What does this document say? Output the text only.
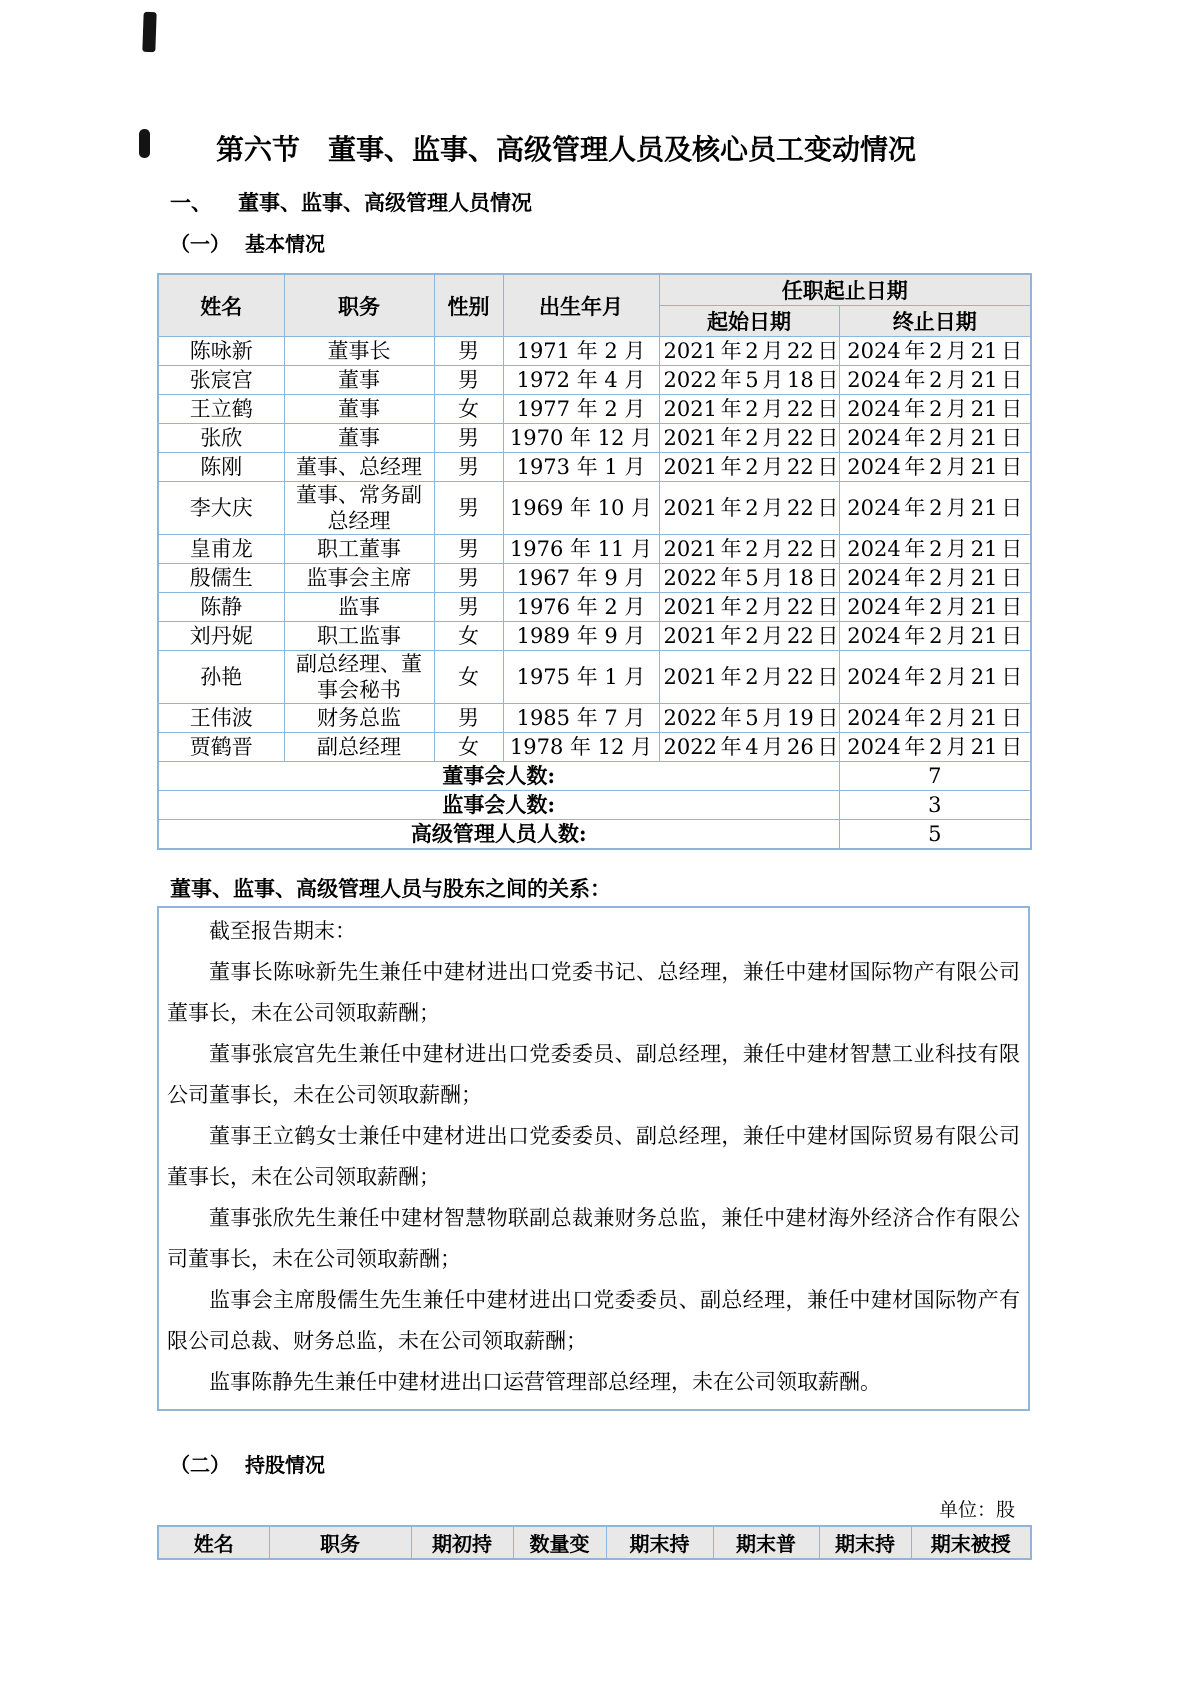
第六节　董事、监事、高级管理人员及核心员工变动情况
一、 董事、监事、高级管理人员情况
（一） 基本情况
姓名	职务	性别	出生年月	任职起止日期	
				起始日期	终止日期
陈咏新	董事长	男	1971 年 2 月	2021 年 2 月 22 日	2024 年 2 月 21 日
张宸宫	董事	男	1972 年 4 月	2022 年 5 月 18 日	2024 年 2 月 21 日
王立鹤	董事	女	1977 年 2 月	2021 年 2 月 22 日	2024 年 2 月 21 日
张欣	董事	男	1970 年 12 月	2021 年 2 月 22 日	2024 年 2 月 21 日
陈刚	董事、总经理	男	1973 年 1 月	2021 年 2 月 22 日	2024 年 2 月 21 日
李大庆	董事、常务副总经理	男	1969 年 10 月	2021 年 2 月 22 日	2024 年 2 月 21 日
皇甫龙	职工董事	男	1976 年 11 月	2021 年 2 月 22 日	2024 年 2 月 21 日
殷儒生	监事会主席	男	1967 年 9 月	2022 年 5 月 18 日	2024 年 2 月 21 日
陈静	监事	男	1976 年 2 月	2021 年 2 月 22 日	2024 年 2 月 21 日
刘丹妮	职工监事	女	1989 年 9 月	2021 年 2 月 22 日	2024 年 2 月 21 日
孙艳	副总经理、董事会秘书	女	1975 年 1 月	2021 年 2 月 22 日	2024 年 2 月 21 日
王伟波	财务总监	男	1985 年 7 月	2022 年 5 月 19 日	2024 年 2 月 21 日
贾鹤晋	副总经理	女	1978 年 12 月	2022 年 4 月 26 日	2024 年 2 月 21 日
董事会人数:					7
监事会人数:					3
高级管理人员人数:					5
董事、监事、高级管理人员与股东之间的关系：

截至报告期末：

董事长陈咏新先生兼任中建材进出口党委书记、总经理，兼任中建材国际物产有限公司董事长，未在公司领取薪酬；

董事张宸宫先生兼任中建材进出口党委委员、副总经理，兼任中建材智慧工业科技有限公司董事长，未在公司领取薪酬；

董事王立鹤女士兼任中建材进出口党委委员、副总经理，兼任中建材国际贸易有限公司董事长，未在公司领取薪酬；

董事张欣先生兼任中建材智慧物联副总裁兼财务总监，兼任中建材海外经济合作有限公司董事长，未在公司领取薪酬；

监事会主席殷儒生先生兼任中建材进出口党委委员、副总经理，兼任中建材国际物产有限公司总裁、财务总监，未在公司领取薪酬；

监事陈静先生兼任中建材进出口运营管理部总经理，未在公司领取薪酬。

（二） 持股情况
单位：股
姓名	职务	期初持	数量变	期末持	期末普	期末持	期末被授
